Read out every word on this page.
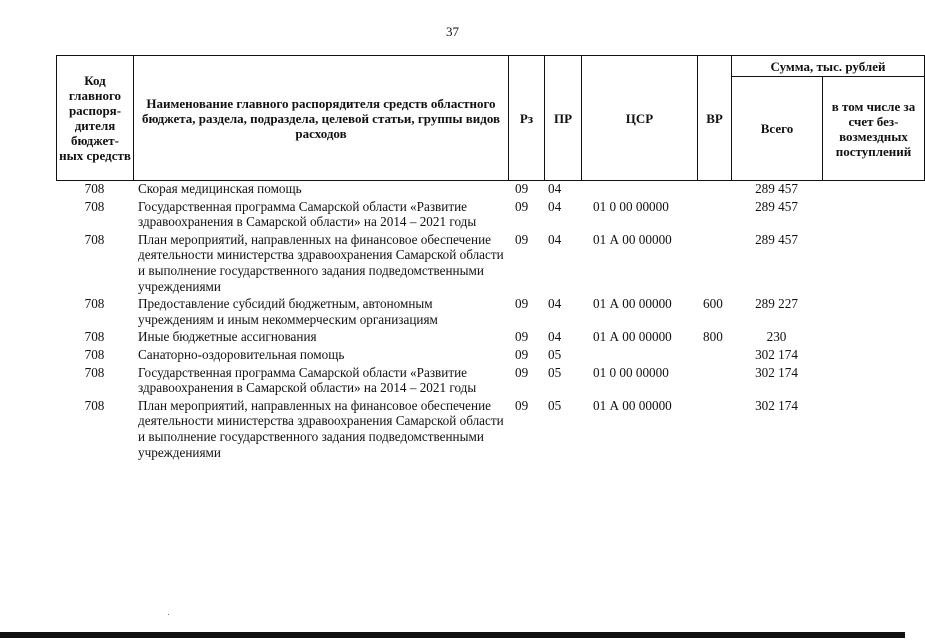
37
Код главного распоря-дителя бюджет-ных средств	Наименование главного распорядителя средств областного бюджета, раздела, подраздела, целевой статьи, группы видов расходов	Рз	ПР	ЦСР	ВР	Сумма, тыс. рублей	
						Всего	в том числе за счет без-возмездных поступлений
708	Скорая медицинская помощь	09	04			289 457	
708	Государственная программа Самарской области «Развитие здравоохранения в Самарской области» на 2014 – 2021 годы	09	04	01 0 00 00000		289 457	
708	План мероприятий, направленных на финансовое обеспечение деятельности министерства здравоохранения Самарской области и выполнение государственного задания подведомственными учреждениями	09	04	01 А 00 00000		289 457	
708	Предоставление субсидий бюджетным, автономным учреждениям и иным некоммерческим организациям	09	04	01 А 00 00000	600	289 227	
708	Иные бюджетные ассигнования	09	04	01 А 00 00000	800	230	
708	Санаторно-оздоровительная помощь	09	05			302 174	
708	Государственная программа Самарской области «Развитие здравоохранения в Самарской области» на 2014 – 2021 годы	09	05	01 0 00 00000		302 174	
708	План мероприятий, направленных на финансовое обеспечение деятельности министерства здравоохранения Самарской области и выполнение государственного задания подведомственными учреждениями	09	05	01 А 00 00000		302 174	
